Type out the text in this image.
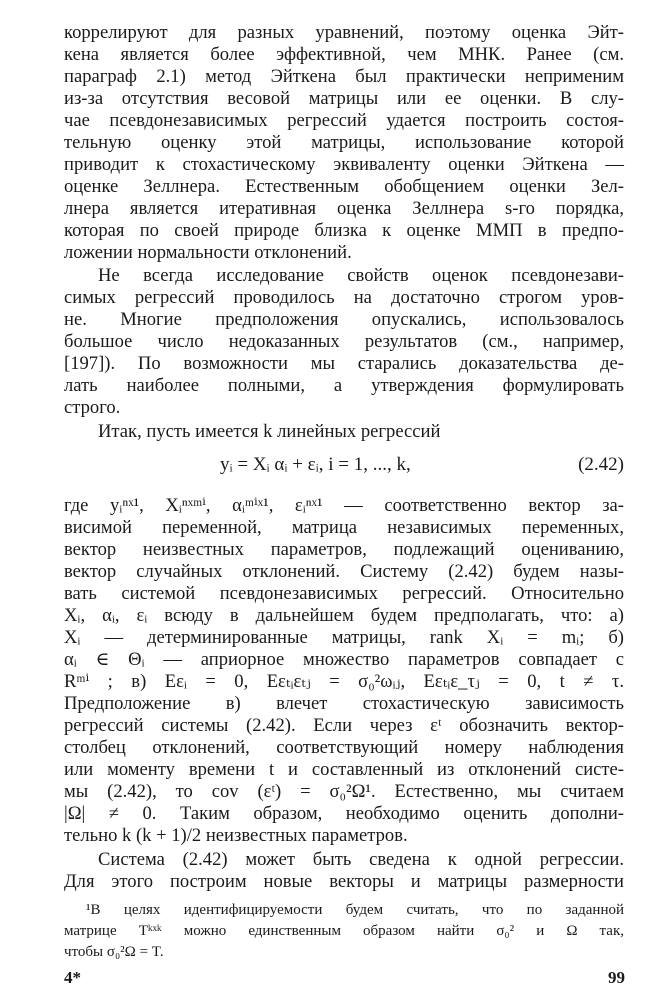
коррелируют для разных уравнений, поэтому оценка Эйт-
кена является более эффективной, чем МНК. Ранее (см.
параграф 2.1) метод Эйткена был практически неприменим
из-за отсутствия весовой матрицы или ее оценки. В слу-
чае псевдонезависимых регрессий удается построить состоя-
тельную оценку этой матрицы, использование которой
приводит к стохастическому эквиваленту оценки Эйткена —
оценке Зеллнера. Естественным обобщением оценки Зел-
лнера является итеративная оценка Зеллнера s-го порядка,
которая по своей природе близка к оценке ММП в предпо-
ложении нормальности отклонений.
Не всегда исследование свойств оценок псевдонезави-
симых регрессий проводилось на достаточно строгом уров-
не. Многие предположения опускались, использовалось
большое число недоказанных результатов (см., например,
[197]). По возможности мы старались доказательства де-
лать наиболее полными, а утверждения формулировать
строго.
Итак, пусть имеется k линейных регрессий
yᵢ = Xᵢ αᵢ + εᵢ, i = 1, ..., k,	(2.42)
где yᵢⁿˣ¹, Xᵢⁿˣᵐⁱ, αᵢᵐⁱˣ¹, εᵢⁿˣ¹ — соответственно вектор за-
висимой переменной, матрица независимых переменных,
вектор неизвестных параметров, подлежащий оцениванию,
вектор случайных отклонений. Систему (2.42) будем назы-
вать системой псевдонезависимых регрессий. Относительно
Xᵢ, αᵢ, εᵢ всюду в дальнейшем будем предполагать, что: а)
Xᵢ — детерминированные матрицы, rank Xᵢ = mᵢ; б)
αᵢ ∈ Θᵢ — априорное множество параметров совпадает с
Rᵐⁱ ; в) Eεᵢ = 0, Eεₜᵢεₜⱼ = σ₀²ωᵢⱼ, Eεₜᵢε_τⱼ = 0, t ≠ τ.
Предположение в) влечет стохастическую зависимость
регрессий системы (2.42). Если через εᵗ обозначить вектор-
столбец отклонений, соответствующий номеру наблюдения
или моменту времени t и составленный из отклонений систе-
мы (2.42), то cov (εᵗ) = σ₀²Ω¹. Естественно, мы считаем
|Ω| ≠ 0. Таким образом, необходимо оценить дополни-
тельно k (k + 1)/2 неизвестных параметров.
Система (2.42) может быть сведена к одной регрессии.
Для этого построим новые векторы и матрицы размерности
¹В целях идентифицируемости будем считать, что по заданной
матрице Tᵏˣᵏ можно единственным образом найти σ₀² и Ω так,
чтобы σ₀²Ω = T.
4*	99
